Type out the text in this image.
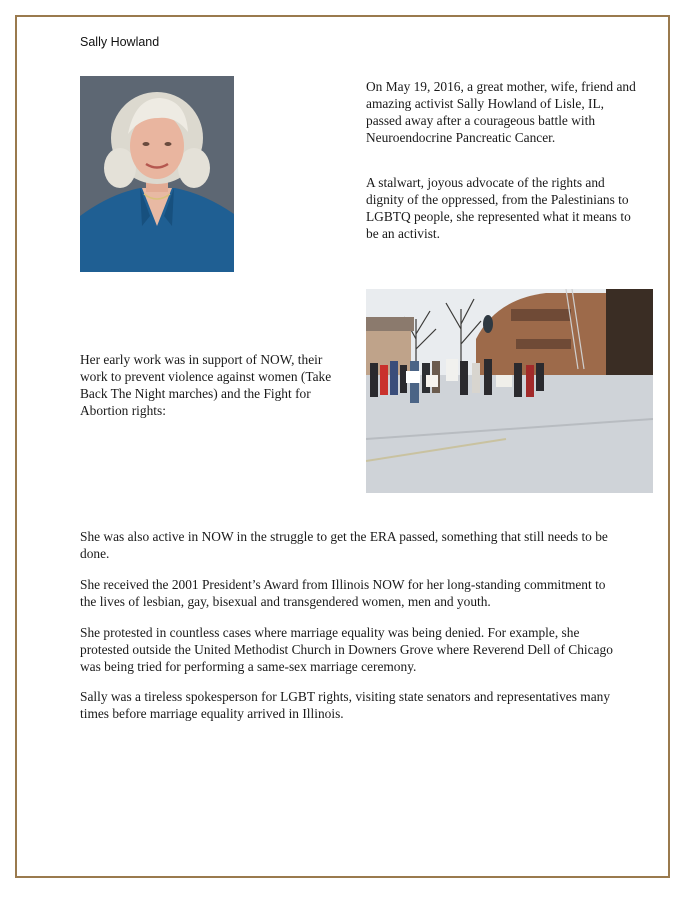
Sally Howland
On May 19, 2016, a great mother, wife, friend and amazing activist Sally Howland of Lisle, IL, passed away after a courageous battle with Neuroendocrine Pancreatic Cancer.
A stalwart, joyous advocate of the rights and dignity of the oppressed, from the Palestinians to LGBTQ people, she represented what it means to be an activist.
Her early work was in support of NOW, their work to prevent violence against women (Take Back The Night marches) and the Fight for Abortion rights:
She was also active in NOW in the struggle to get the ERA passed, something that still needs to be done.
She received the 2001 President’s Award from Illinois NOW for her long-standing commitment to the lives of lesbian, gay, bisexual and transgendered women, men and youth.
She protested in countless cases where marriage equality was being denied. For example, she protested outside the United Methodist Church in Downers Grove where Reverend Dell of Chicago was being tried for performing a same-sex marriage ceremony.
Sally was a tireless spokesperson for LGBT rights, visiting state senators and representatives many times before marriage equality arrived in Illinois.
